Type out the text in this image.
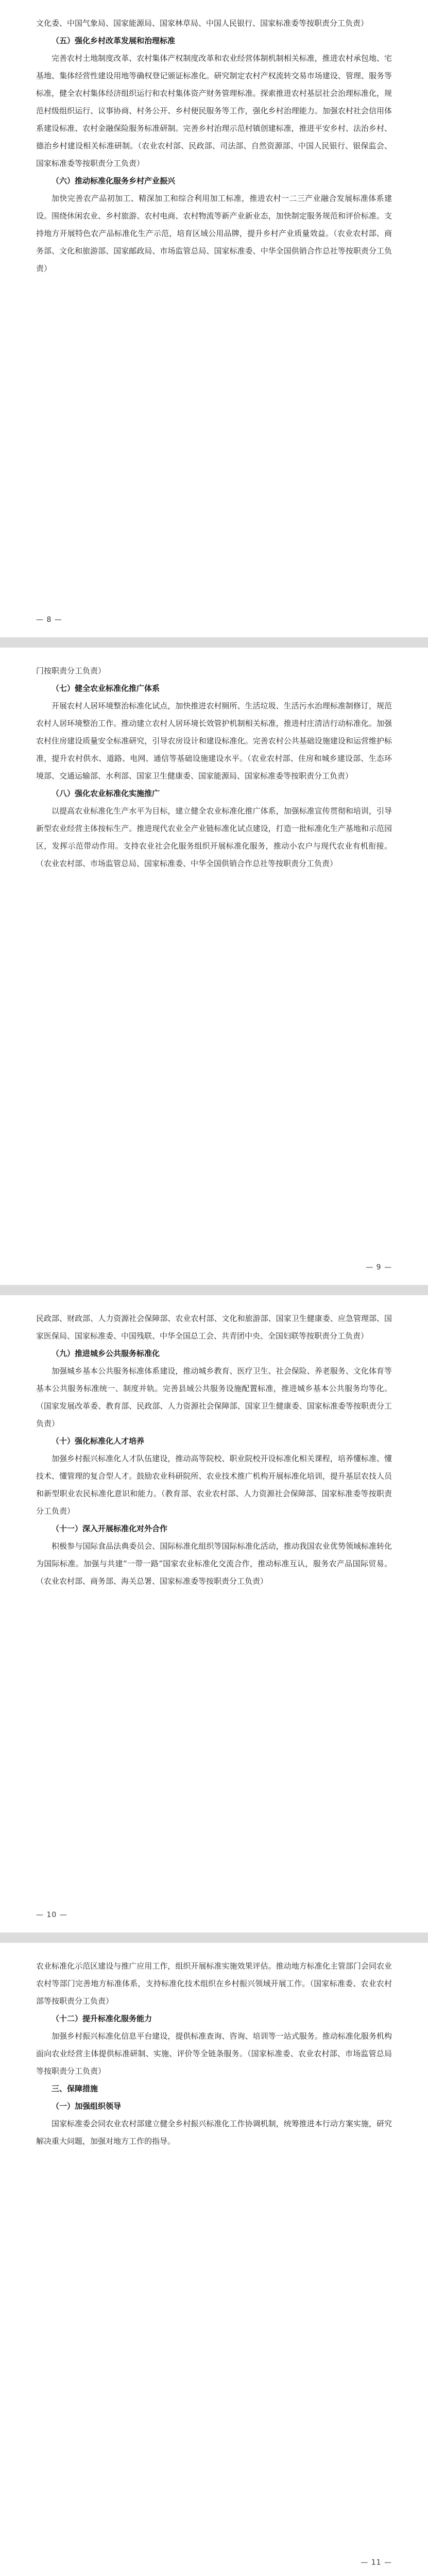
文化委、中国气象局、国家能源局、国家林草局、中国人民银行、国家标准委等按职责分工负责）

（五）强化乡村改革发展和治理标准

完善农村土地制度改革、农村集体产权制度改革和农业经营体制机制相关标准，推进农村承包地、宅基地、集体经营性建设用地等确权登记颁证标准化。研究制定农村产权流转交易市场建设、管理、服务等标准，健全农村集体经济组织运行和农村集体资产财务管理标准。探索推进农村基层社会治理标准化，规范村级组织运行、议事协商、村务公开、乡村便民服务等工作，强化乡村治理能力。加强农村社会信用体系建设标准、农村金融保险服务标准研制。完善乡村治理示范村镇创建标准，推进平安乡村、法治乡村、德治乡村建设相关标准研制。（农业农村部、民政部、司法部、自然资源部、中国人民银行、银保监会、国家标准委等按职责分工负责）

（六）推动标准化服务乡村产业振兴

加快完善农产品初加工、精深加工和综合利用加工标准，推进农村一二三产业融合发展标准体系建设。围绕休闲农业、乡村旅游、农村电商、农村物流等新产业新业态，加快制定服务规范和评价标准。支持地方开展特色农产品标准化生产示范，培育区域公用品牌，提升乡村产业质量效益。（农业农村部、商务部、文化和旅游部、国家邮政局、市场监管总局、国家标准委、中华全国供销合作总社等按职责分工负责）

— 8 —

门按职责分工负责）

（七）健全农业标准化推广体系

开展农村人居环境整治标准化试点，加快推进农村厕所、生活垃圾、生活污水治理标准制修订，规范农村人居环境整治工作。推动建立农村人居环境长效管护机制相关标准，推进村庄清洁行动标准化。加强农村住房建设质量安全标准研究，引导农房设计和建设标准化。完善农村公共基础设施建设和运营维护标准，提升农村供水、道路、电网、通信等基础设施建设水平。（农业农村部、住房和城乡建设部、生态环境部、交通运输部、水利部、国家卫生健康委、国家能源局、国家标准委等按职责分工负责）

（八）强化农业标准化实施推广

以提高农业标准化生产水平为目标，建立健全农业标准化推广体系，加强标准宣传贯彻和培训，引导新型农业经营主体按标生产。推进现代农业全产业链标准化试点建设，打造一批标准化生产基地和示范园区，发挥示范带动作用。支持农业社会化服务组织开展标准化服务，推动小农户与现代农业有机衔接。（农业农村部、市场监管总局、国家标准委、中华全国供销合作总社等按职责分工负责）

— 9 —

民政部、财政部、人力资源社会保障部、农业农村部、文化和旅游部、国家卫生健康委、应急管理部、国家医保局、国家标准委、中国残联、中华全国总工会、共青团中央、全国妇联等按职责分工负责）

（九）推进城乡公共服务标准化

加强城乡基本公共服务标准体系建设，推动城乡教育、医疗卫生、社会保险、养老服务、文化体育等基本公共服务标准统一、制度并轨。完善县域公共服务设施配置标准，推进城乡基本公共服务均等化。（国家发展改革委、教育部、民政部、人力资源社会保障部、国家卫生健康委、国家标准委等按职责分工负责）

（十）强化标准化人才培养

加强乡村振兴标准化人才队伍建设，推动高等院校、职业院校开设标准化相关课程，培养懂标准、懂技术、懂管理的复合型人才。鼓励农业科研院所、农业技术推广机构开展标准化培训，提升基层农技人员和新型职业农民标准化意识和能力。（教育部、农业农村部、人力资源社会保障部、国家标准委等按职责分工负责）

（十一）深入开展标准化对外合作

积极参与国际食品法典委员会、国际标准化组织等国际标准化活动，推动我国农业优势领域标准转化为国际标准。加强与共建“一带一路”国家农业标准化交流合作，推动标准互认，服务农产品国际贸易。（农业农村部、商务部、海关总署、国家标准委等按职责分工负责）

— 10 —

农业标准化示范区建设与推广应用工作，组织开展标准实施效果评估。推动地方标准化主管部门会同农业农村等部门完善地方标准体系，支持标准化技术组织在乡村振兴领域开展工作。（国家标准委、农业农村部等按职责分工负责）

（十二）提升标准化服务能力

加强乡村振兴标准化信息平台建设，提供标准查询、咨询、培训等一站式服务。推动标准化服务机构面向农业经营主体提供标准研制、实施、评价等全链条服务。（国家标准委、农业农村部、市场监管总局等按职责分工负责）

三、保障措施

（一）加强组织领导

国家标准委会同农业农村部建立健全乡村振兴标准化工作协调机制，统筹推进本行动方案实施，研究解决重大问题，加强对地方工作的指导。

— 11 —
